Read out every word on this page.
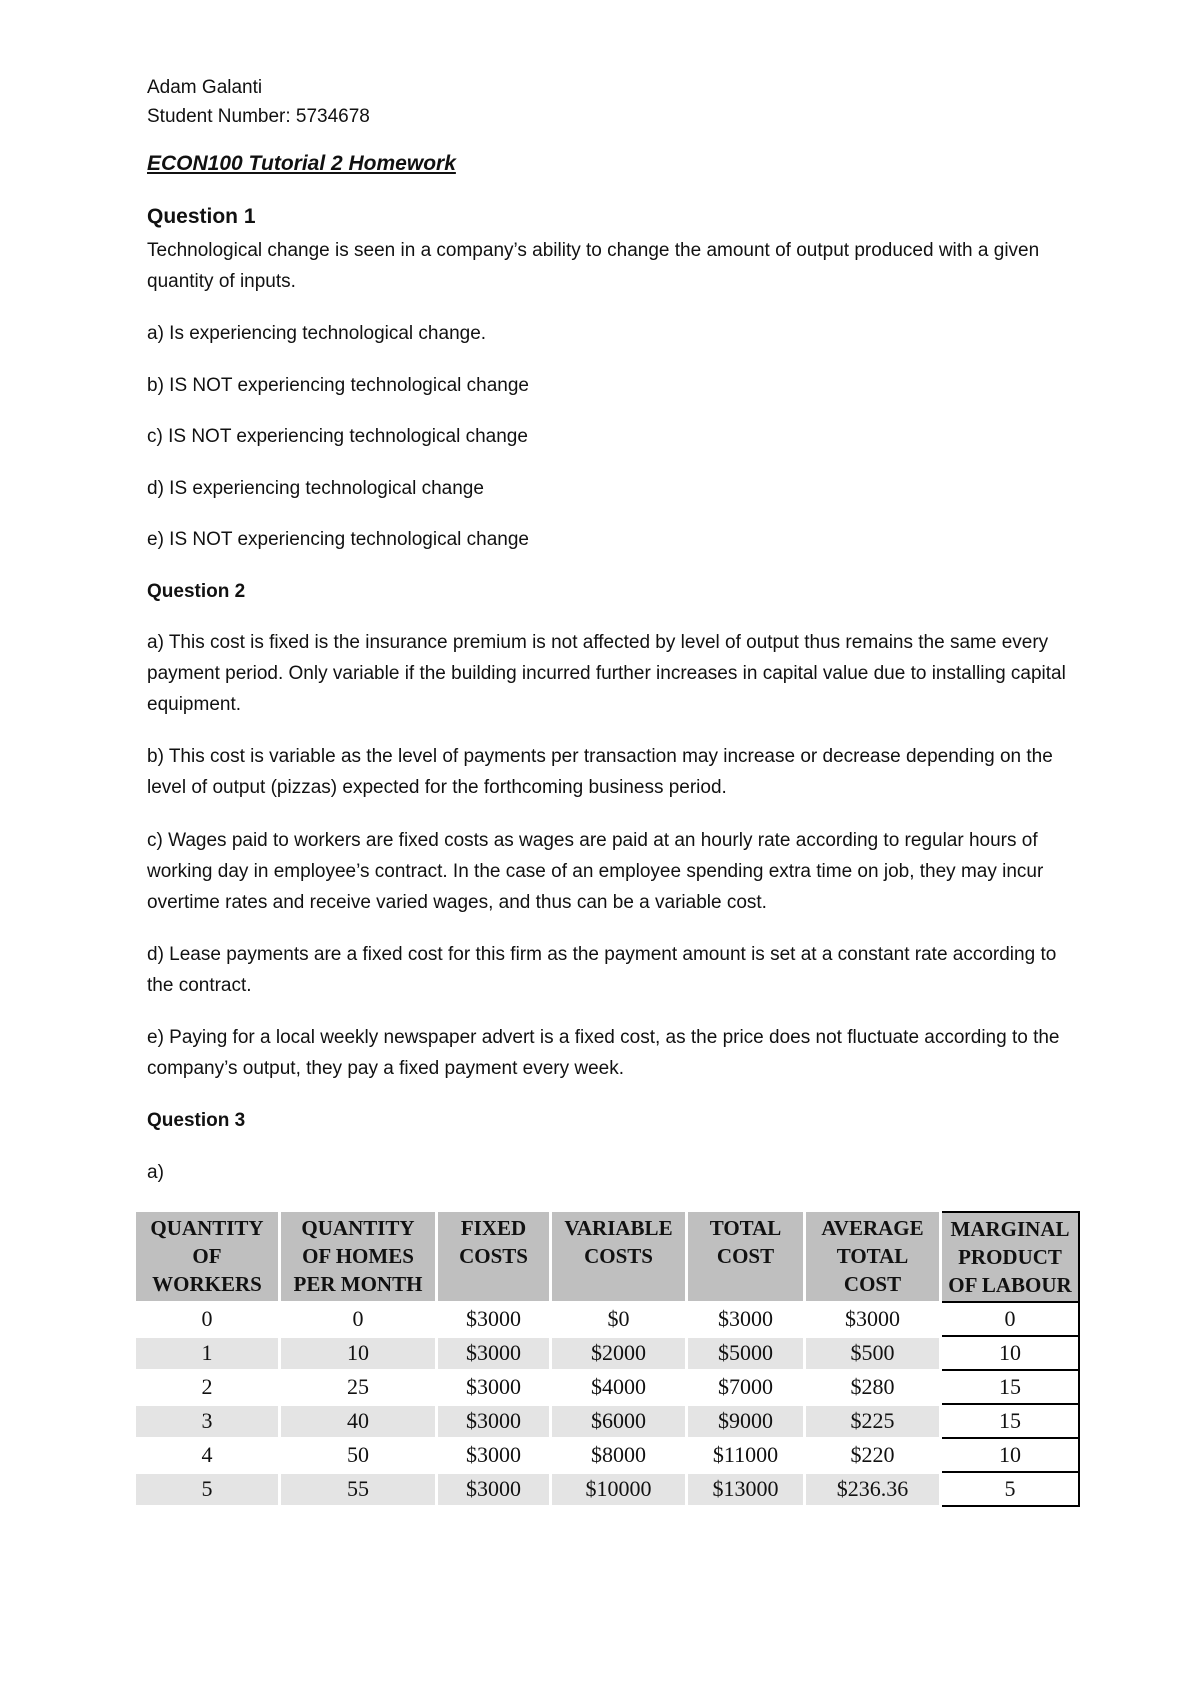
Adam Galanti

Student Number: 5734678

ECON100 Tutorial 2 Homework

Question 1

Technological change is seen in a company’s ability to change the amount of output produced with a given quantity of inputs.

a) Is experiencing technological change.

b) IS NOT experiencing technological change

c) IS NOT experiencing technological change

d) IS experiencing technological change

e) IS NOT experiencing technological change

Question 2

a) This cost is fixed is the insurance premium is not affected by level of output thus remains the same every payment period. Only variable if the building incurred further increases in capital value due to installing capital equipment.

b) This cost is variable as the level of payments per transaction may increase or decrease depending on the level of output (pizzas) expected for the forthcoming business period.

c) Wages paid to workers are fixed costs as wages are paid at an hourly rate according to regular hours of working day in employee’s contract. In the case of an employee spending extra time on job, they may incur overtime rates and receive varied wages, and thus can be a variable cost.

d) Lease payments are a fixed cost for this firm as the payment amount is set at a constant rate according to the contract.

e) Paying for a local weekly newspaper advert is a fixed cost, as the price does not fluctuate according to the company’s output, they pay a fixed payment every week.

Question 3

a)

QUANTITY OF WORKERS	QUANTITY OF HOMES PER MONTH	FIXED COSTS	VARIABLE COSTS	TOTAL COST	AVERAGE TOTAL COST	MARGINAL PRODUCT OF LABOUR
0	0	$3000	$0	$3000	$3000	0
1	10	$3000	$2000	$5000	$500	10
2	25	$3000	$4000	$7000	$280	15
3	40	$3000	$6000	$9000	$225	15
4	50	$3000	$8000	$11000	$220	10
5	55	$3000	$10000	$13000	$236.36	5
